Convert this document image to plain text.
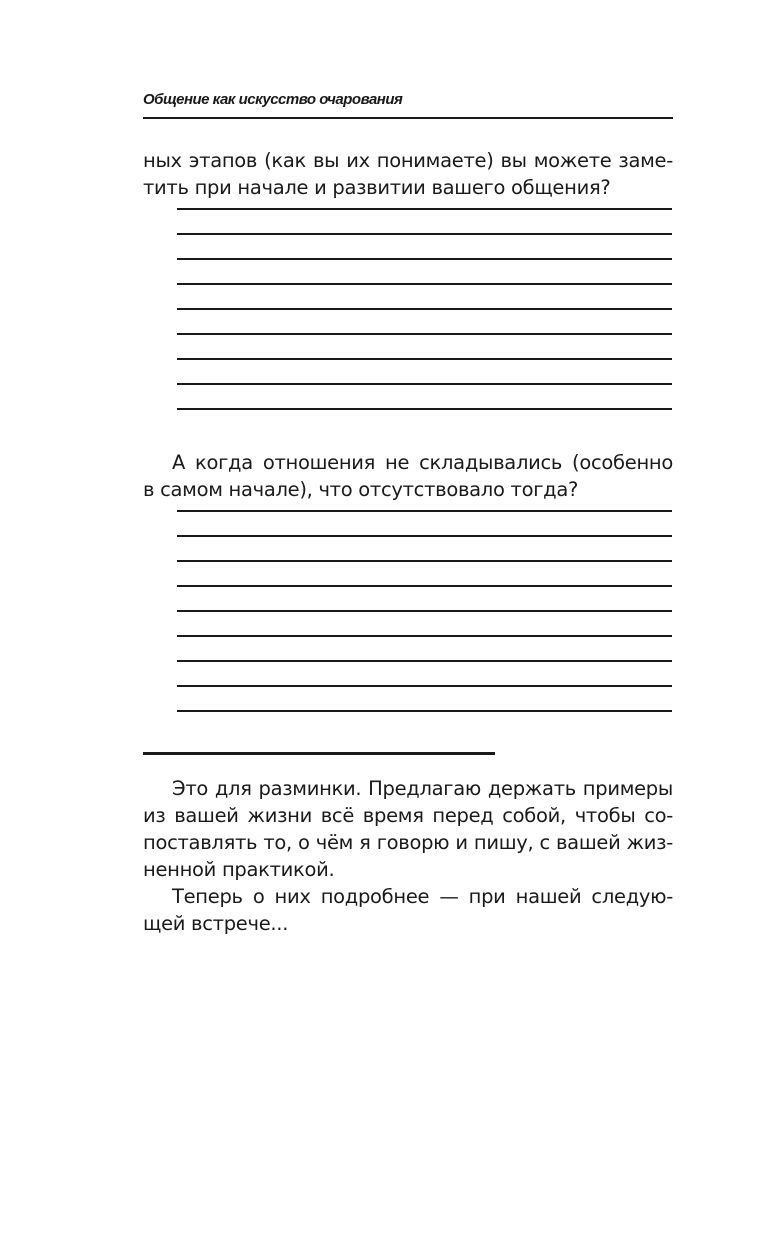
Общение как искусство очарования
ных этапов (как вы их понимаете) вы можете заме-
тить при начале и развитии вашего общения?
А когда отношения не складывались (особенно
в самом начале), что отсутствовало тогда?
Это для разминки. Предлагаю держать примеры
из вашей жизни всё время перед собой, чтобы со-
поставлять то, о чём я говорю и пишу, с вашей жиз-
ненной практикой.
Теперь о них подробнее — при нашей следую-
щей встрече...
